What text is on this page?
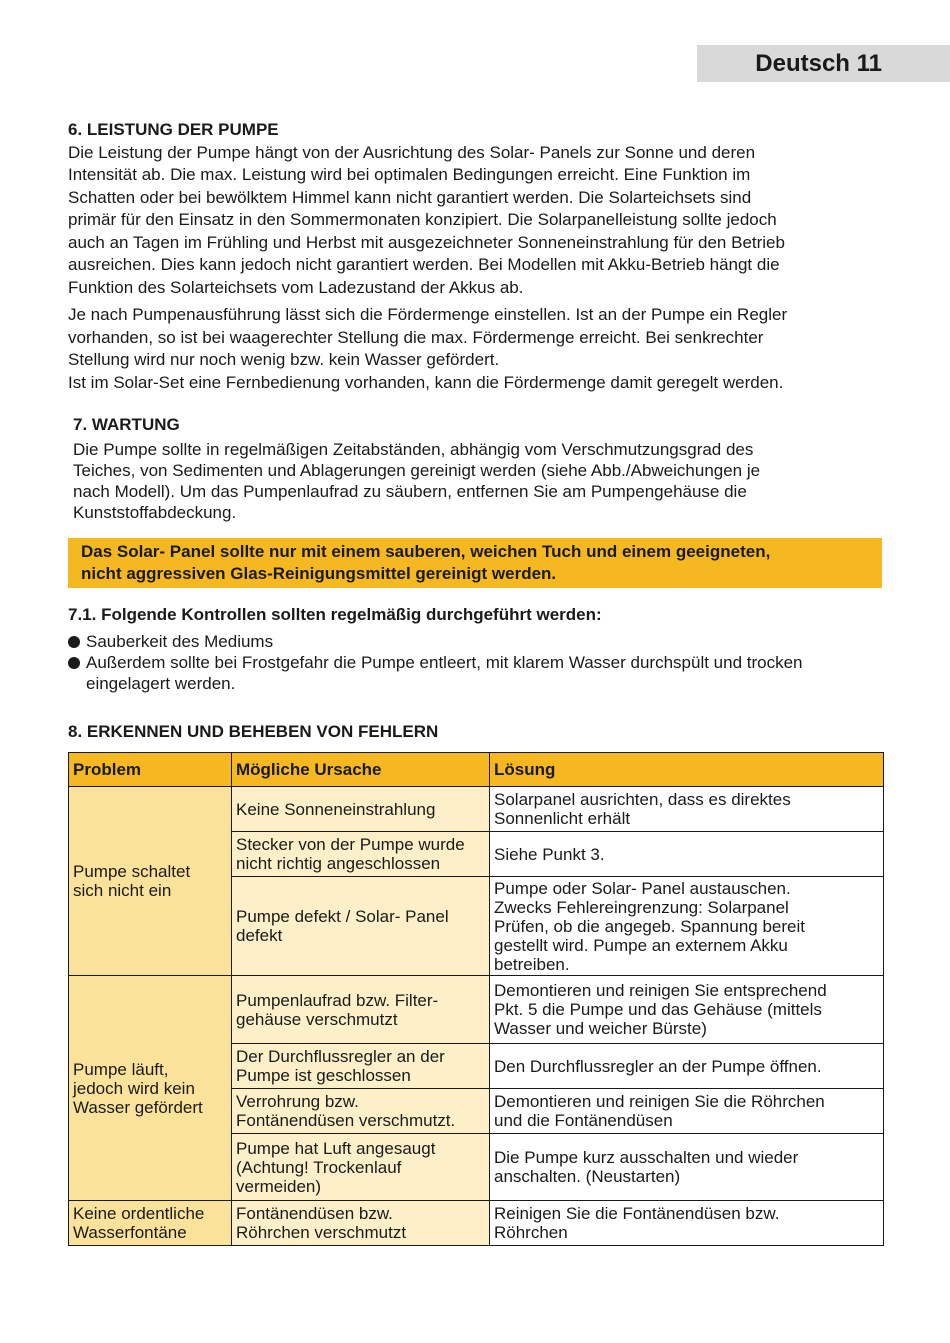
Deutsch 11
6. LEISTUNG DER PUMPE

Die Leistung der Pumpe hängt von der Ausrichtung des Solar- Panels zur Sonne und deren
Intensität ab. Die max. Leistung wird bei optimalen Bedingungen erreicht. Eine Funktion im
Schatten oder bei bewölktem Himmel kann nicht garantiert werden. Die Solarteichsets sind
primär für den Einsatz in den Sommermonaten konzipiert. Die Solarpanelleistung sollte jedoch
auch an Tagen im Frühling und Herbst mit ausgezeichneter Sonneneinstrahlung für den Betrieb
ausreichen. Dies kann jedoch nicht garantiert werden. Bei Modellen mit Akku-Betrieb hängt die
Funktion des Solarteichsets vom Ladezustand der Akkus ab.

Je nach Pumpenausführung lässt sich die Fördermenge einstellen. Ist an der Pumpe ein Regler
vorhanden, so ist bei waagerechter Stellung die max. Fördermenge erreicht. Bei senkrechter
Stellung wird nur noch wenig bzw. kein Wasser gefördert.
Ist im Solar-Set eine Fernbedienung vorhanden, kann die Fördermenge damit geregelt werden.

7. WARTUNG

Die Pumpe sollte in regelmäßigen Zeitabständen, abhängig vom Verschmutzungsgrad des
Teiches, von Sedimenten und Ablagerungen gereinigt werden (siehe Abb./Abweichungen je
nach Modell). Um das Pumpenlaufrad zu säubern, entfernen Sie am Pumpengehäuse die
Kunststoffabdeckung.

Das Solar- Panel sollte nur mit einem sauberen, weichen Tuch und einem geeigneten,
nicht aggressiven Glas-Reinigungsmittel gereinigt werden.
7.1. Folgende Kontrollen sollten regelmäßig durchgeführt werden:
Sauberkeit des Mediums
Außerdem sollte bei Frostgefahr die Pumpe entleert, mit klarem Wasser durchspült und trocken
eingelagert werden.
8. ERKENNEN UND BEHEBEN VON FEHLERN
Problem	Mögliche Ursache	Lösung
Pumpe schaltet
sich nicht ein	Keine Sonneneinstrahlung	Solarpanel ausrichten, dass es direktes
Sonnenlicht erhält
	Stecker von der Pumpe wurde
nicht richtig angeschlossen	Siehe Punkt 3.
	Pumpe defekt / Solar- Panel
defekt	Pumpe oder Solar- Panel austauschen.
Zwecks Fehlereingrenzung: Solarpanel
Prüfen, ob die angegeb. Spannung bereit
gestellt wird. Pumpe an externem Akku
betreiben.
Pumpe läuft,
jedoch wird kein
Wasser gefördert	Pumpenlaufrad bzw. Filter-
gehäuse verschmutzt	Demontieren und reinigen Sie entsprechend
Pkt. 5 die Pumpe und das Gehäuse (mittels
Wasser und weicher Bürste)
	Der Durchflussregler an der
Pumpe ist geschlossen	Den Durchflussregler an der Pumpe öffnen.
	Verrohrung bzw.
Fontänendüsen verschmutzt.	Demontieren und reinigen Sie die Röhrchen
und die Fontänendüsen
	Pumpe hat Luft angesaugt
(Achtung! Trockenlauf
vermeiden)	Die Pumpe kurz ausschalten und wieder
anschalten. (Neustarten)
Keine ordentliche
Wasserfontäne	Fontänendüsen bzw.
Röhrchen verschmutzt	Reinigen Sie die Fontänendüsen bzw.
Röhrchen
